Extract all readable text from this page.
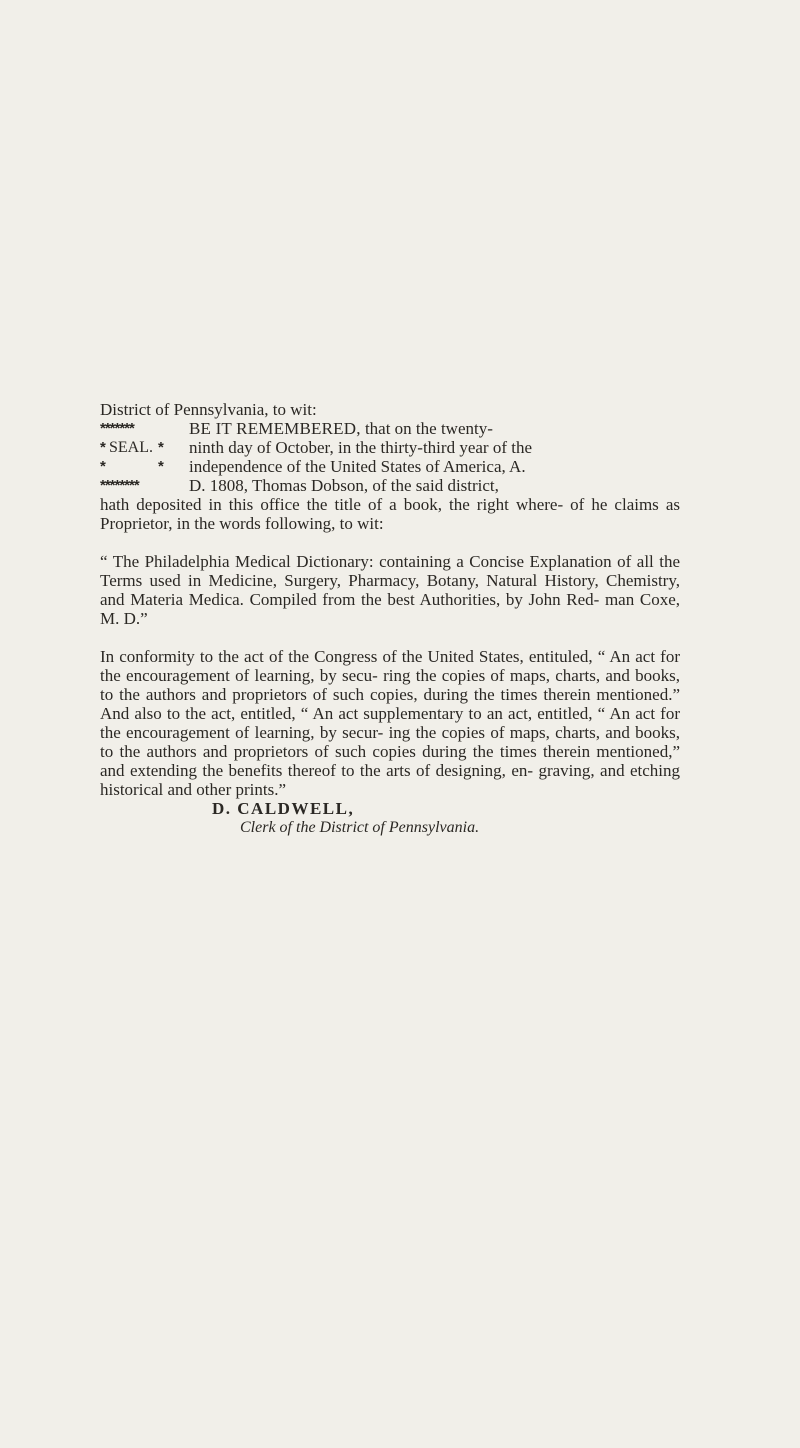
District of Pennsylvania, to wit:

*******
* SEAL. *
*	*
********
BE IT REMEMBERED, that on the twenty-
ninth day of October, in the thirty-third year of the
independence of the United States of America, A.
D. 1808, Thomas Dobson, of the said district,

hath deposited in this office the title of a book, the right where- of he claims as Proprietor, in the words following, to wit:

“ The Philadelphia Medical Dictionary: containing a Concise Explanation of all the Terms used in Medicine, Surgery, Pharmacy, Botany, Natural History, Chemistry, and Materia Medica. Compiled from the best Authorities, by John Red- man Coxe, M. D.”

In conformity to the act of the Congress of the United States, entituled, “ An act for the encouragement of learning, by secu- ring the copies of maps, charts, and books, to the authors and proprietors of such copies, during the times therein mentioned.” And also to the act, entitled, “ An act supplementary to an act, entitled, “ An act for the encouragement of learning, by secur- ing the copies of maps, charts, and books, to the authors and proprietors of such copies during the times therein mentioned,” and extending the benefits thereof to the arts of designing, en- graving, and etching historical and other prints.”

D. CALDWELL,

Clerk of the District of Pennsylvania.
